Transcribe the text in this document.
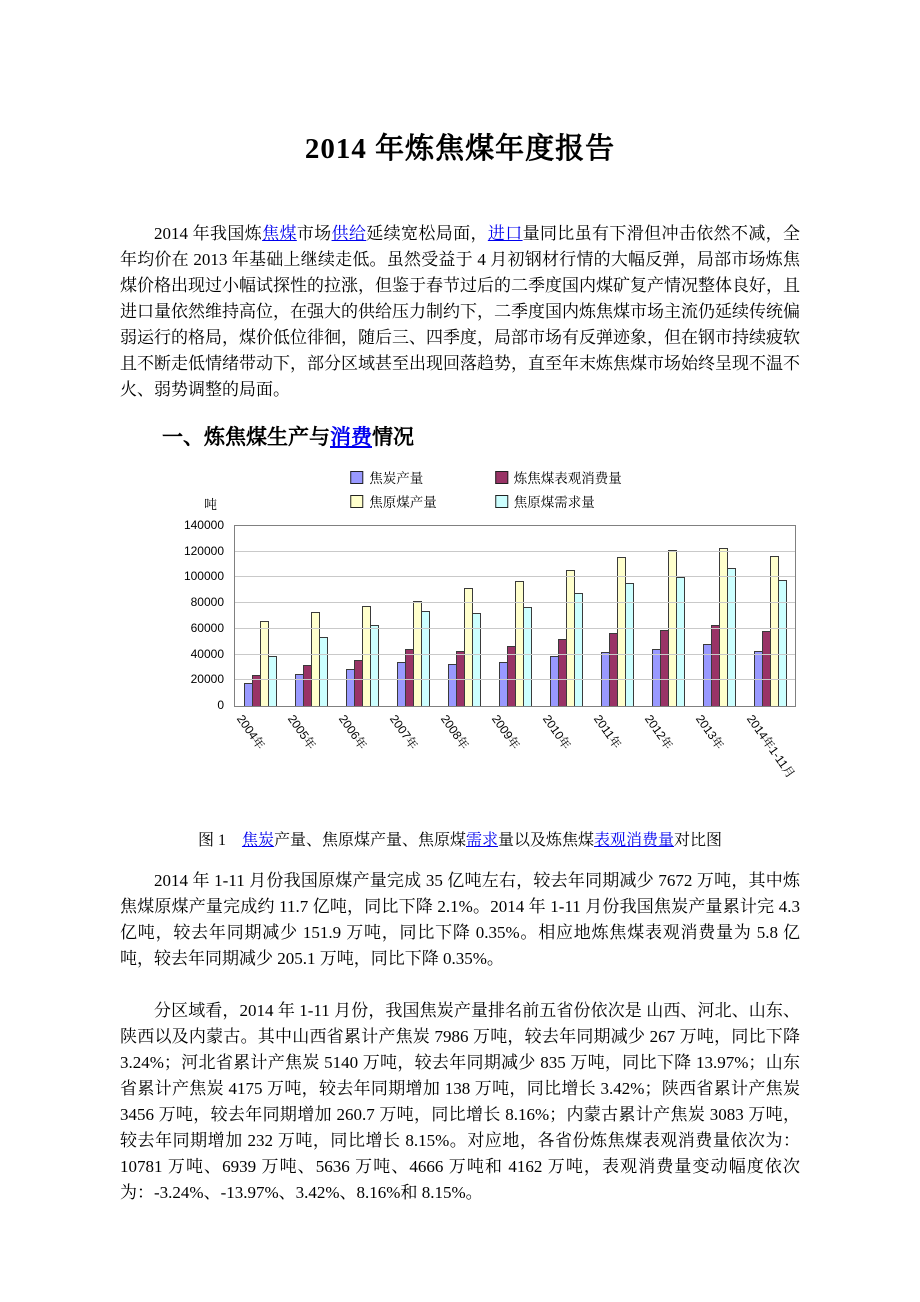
2014 年炼焦煤年度报告

2014 年我国炼焦煤市场供给延续宽松局面，进口量同比虽有下滑但冲击依然不减，全年均价在 2013 年基础上继续走低。虽然受益于 4 月初钢材行情的大幅反弹，局部市场炼焦煤价格出现过小幅试探性的拉涨，但鉴于春节过后的二季度国内煤矿复产情况整体良好，且进口量依然维持高位，在强大的供给压力制约下，二季度国内炼焦煤市场主流仍延续传统偏弱运行的格局，煤价低位徘徊，随后三、四季度，局部市场有反弹迹象，但在钢市持续疲软且不断走低情绪带动下，部分区域甚至出现回落趋势，直至年末炼焦煤市场始终呈现不温不火、弱势调整的局面。

一、炼焦煤生产与消费情况
焦炭产量	炼焦煤表观消费量
焦原煤产量	焦原煤需求量
吨
0
20000
40000
60000
80000
100000
120000
140000
2004年 2005年 2006年 2007年 2008年 2009年 2010年 2011年 2012年 2013年 2014年1-11月

图 1　焦炭产量、焦原煤产量、焦原煤需求量以及炼焦煤表观消费量对比图

2014 年 1-11 月份我国原煤产量完成 35 亿吨左右，较去年同期减少 7672 万吨，其中炼焦煤原煤产量完成约 11.7 亿吨，同比下降 2.1%。2014 年 1-11 月份我国焦炭产量累计完 4.3 亿吨，较去年同期减少 151.9 万吨，同比下降 0.35%。相应地炼焦煤表观消费量为 5.8 亿吨，较去年同期减少 205.1 万吨，同比下降 0.35%。

分区域看，2014 年 1-11 月份，我国焦炭产量排名前五省份依次是 山西、河北、山东、陕西以及内蒙古。其中山西省累计产焦炭 7986 万吨，较去年同期减少 267 万吨，同比下降 3.24%；河北省累计产焦炭 5140 万吨，较去年同期减少 835 万吨，同比下降 13.97%；山东省累计产焦炭 4175 万吨，较去年同期增加 138 万吨，同比增长 3.42%；陕西省累计产焦炭 3456 万吨，较去年同期增加 260.7 万吨，同比增长 8.16%；内蒙古累计产焦炭 3083 万吨，较去年同期增加 232 万吨，同比增长 8.15%。对应地，各省份炼焦煤表观消费量依次为：10781 万吨、6939 万吨、5636 万吨、4666 万吨和 4162 万吨，表观消费量变动幅度依次为：-3.24%、-13.97%、3.42%、8.16%和 8.15%。
